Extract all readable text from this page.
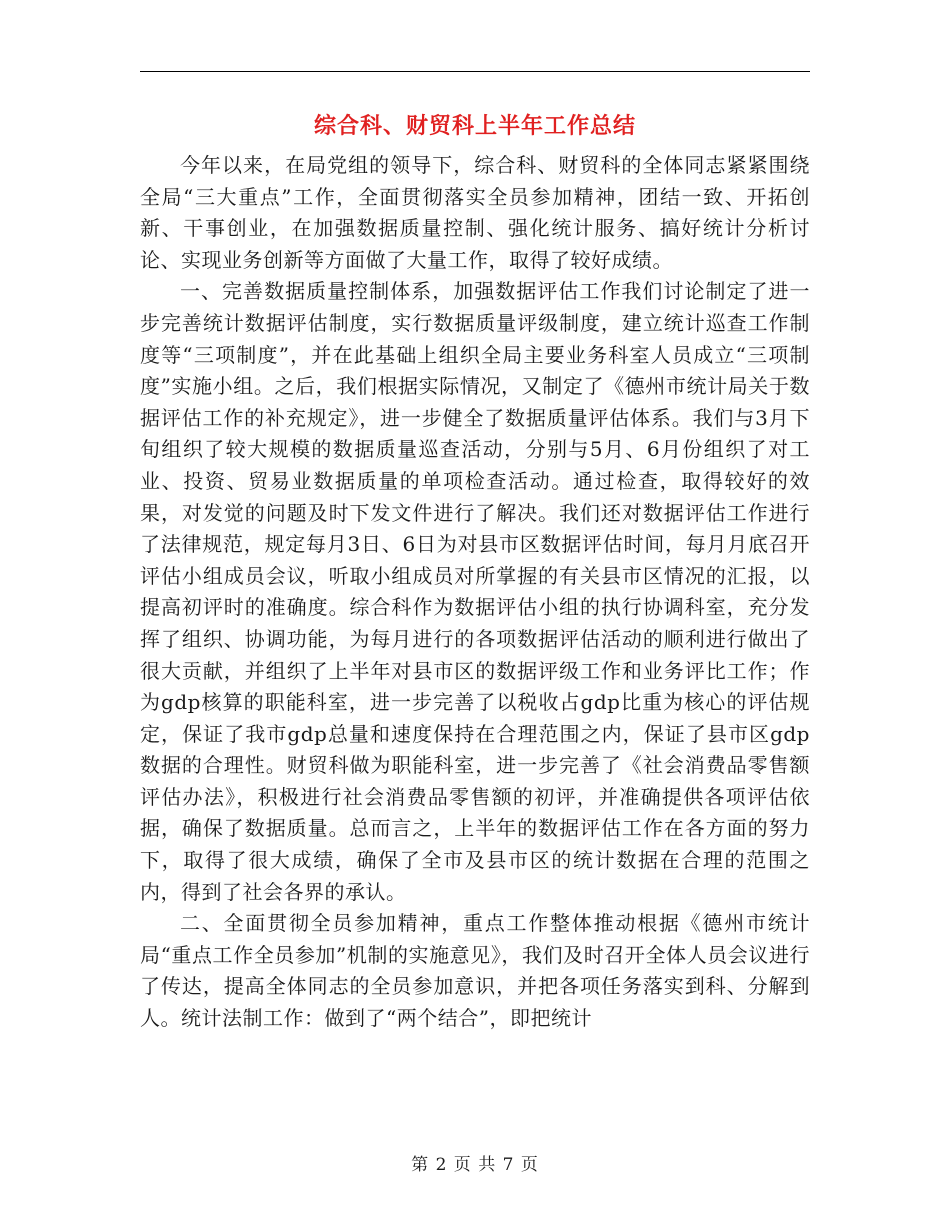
综合科、财贸科上半年工作总结

今年以来，在局党组的领导下，综合科、财贸科的全体同志紧紧围绕全局“三大重点”工作，全面贯彻落实全员参加精神，团结一致、开拓创新、干事创业，在加强数据质量控制、强化统计服务、搞好统计分析讨论、实现业务创新等方面做了大量工作，取得了较好成绩。

一、完善数据质量控制体系，加强数据评估工作我们讨论制定了进一步完善统计数据评估制度，实行数据质量评级制度，建立统计巡查工作制度等“三项制度”，并在此基础上组织全局主要业务科室人员成立“三项制度”实施小组。之后，我们根据实际情况，又制定了《德州市统计局关于数据评估工作的补充规定》，进一步健全了数据质量评估体系。我们与3月下旬组织了较大规模的数据质量巡查活动，分别与5月、6月份组织了对工业、投资、贸易业数据质量的单项检查活动。通过检查，取得较好的效果，对发觉的问题及时下发文件进行了解决。我们还对数据评估工作进行了法律规范，规定每月3日、6日为对县市区数据评估时间，每月月底召开评估小组成员会议，听取小组成员对所掌握的有关县市区情况的汇报，以提高初评时的准确度。综合科作为数据评估小组的执行协调科室，充分发挥了组织、协调功能，为每月进行的各项数据评估活动的顺利进行做出了很大贡献，并组织了上半年对县市区的数据评级工作和业务评比工作；作为gdp核算的职能科室，进一步完善了以税收占gdp比重为核心的评估规定，保证了我市gdp总量和速度保持在合理范围之内，保证了县市区gdp数据的合理性。财贸科做为职能科室，进一步完善了《社会消费品零售额评估办法》，积极进行社会消费品零售额的初评，并准确提供各项评估依据，确保了数据质量。总而言之，上半年的数据评估工作在各方面的努力下，取得了很大成绩，确保了全市及县市区的统计数据在合理的范围之内，得到了社会各界的承认。

二、全面贯彻全员参加精神，重点工作整体推动根据《德州市统计局“重点工作全员参加”机制的实施意见》，我们及时召开全体人员会议进行了传达，提高全体同志的全员参加意识，并把各项任务落实到科、分解到人。统计法制工作：做到了“两个结合”，即把统计

第 2 页 共 7 页
